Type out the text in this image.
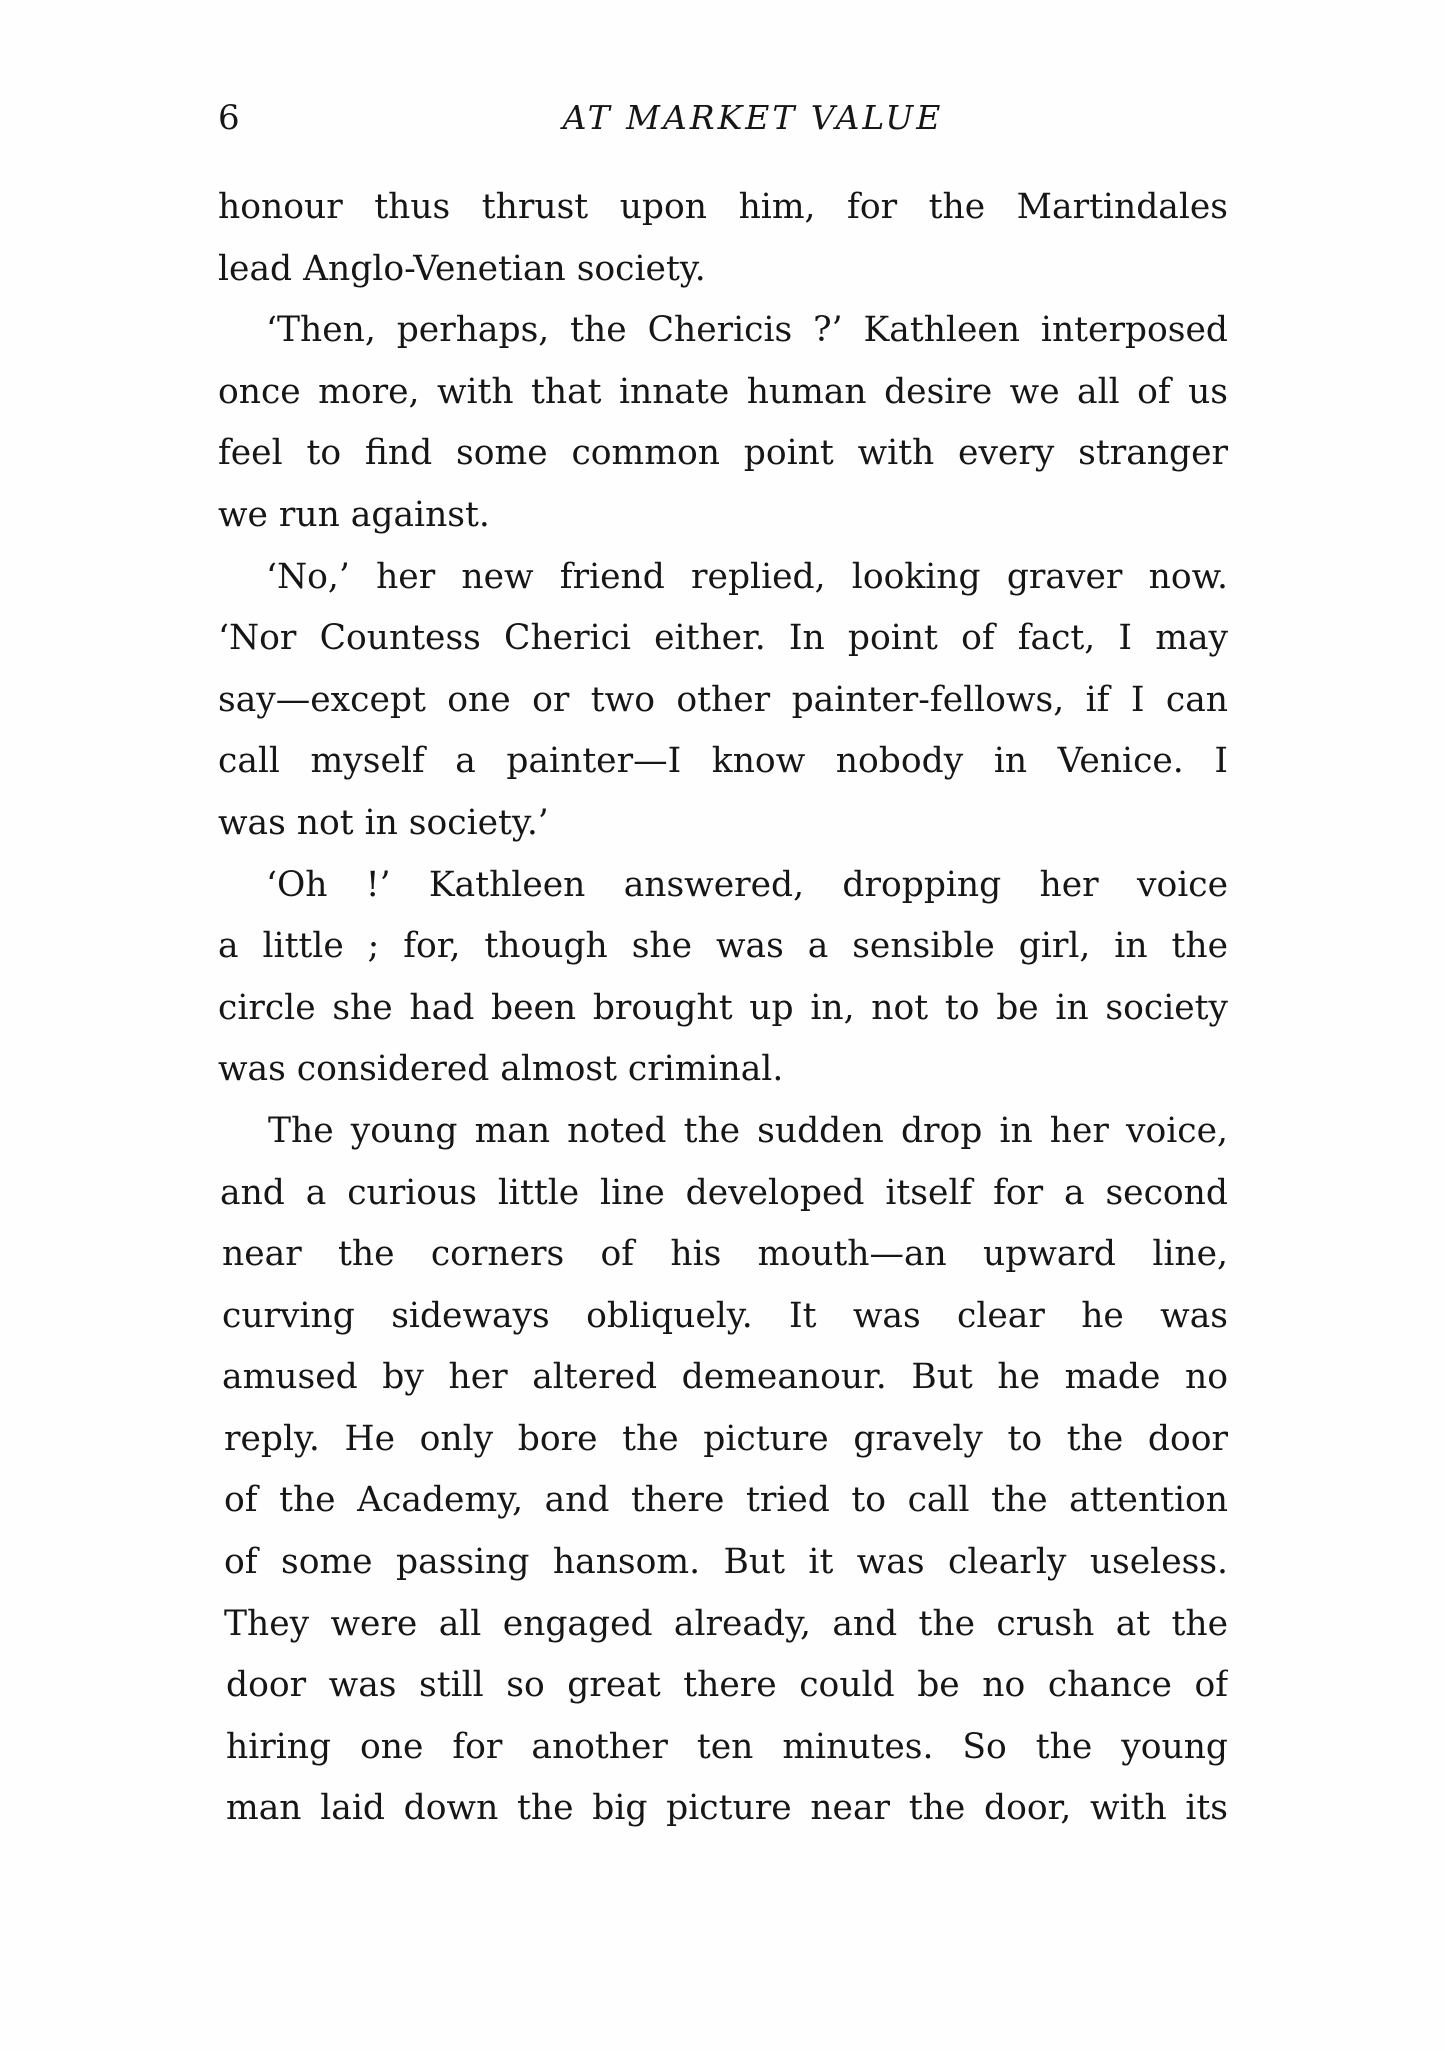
6	AT MARKET VALUE
honour thus thrust upon him, for the Martindales
lead Anglo-Venetian society.
‘Then, perhaps, the Chericis ?’ Kathleen interposed
once more, with that innate human desire we all of us
feel to find some common point with every stranger
we run against.
‘No,’ her new friend replied, looking graver now.
‘Nor Countess Cherici either. In point of fact, I may
say—except one or two other painter-fellows, if I can
call myself a painter—I know nobody in Venice. I
was not in society.’
‘Oh !’ Kathleen answered, dropping her voice
a little ; for, though she was a sensible girl, in the
circle she had been brought up in, not to be in society
was considered almost criminal.
The young man noted the sudden drop in her voice,
and a curious little line developed itself for a second
near the corners of his mouth—an upward line,
curving sideways obliquely. It was clear he was
amused by her altered demeanour. But he made no
reply. He only bore the picture gravely to the door
of the Academy, and there tried to call the attention
of some passing hansom. But it was clearly useless.
They were all engaged already, and the crush at the
door was still so great there could be no chance of
hiring one for another ten minutes. So the young
man laid down the big picture near the door, with its
